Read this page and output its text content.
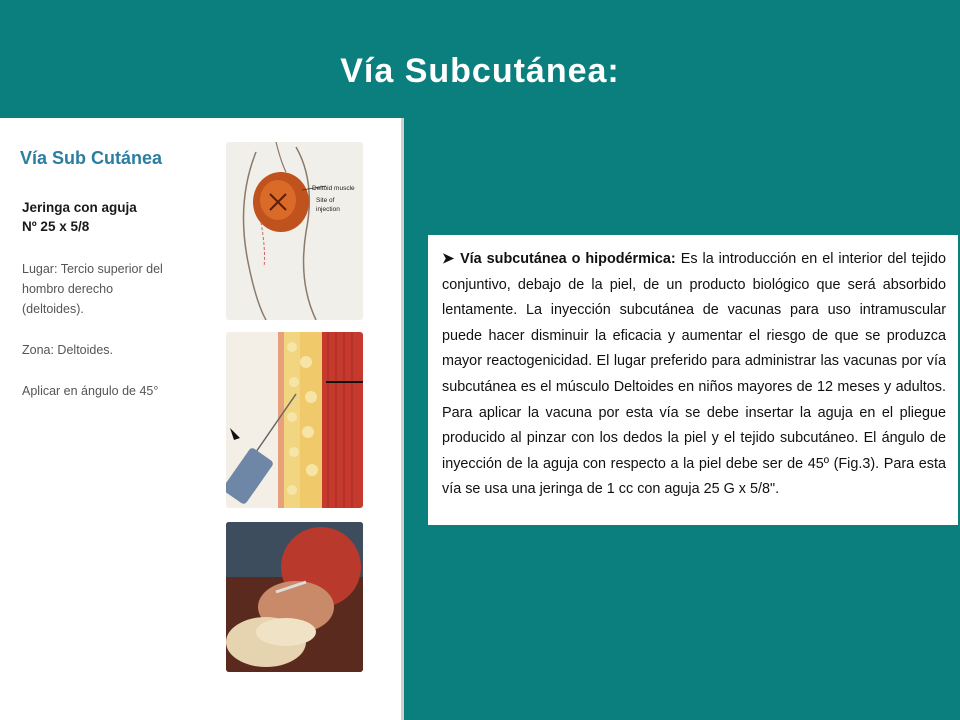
Vía Subcutánea:
Vía Sub Cutánea
Jeringa con aguja
Nº 25 x 5/8
Lugar: Tercio superior del
hombro derecho
(deltoides).
Zona: Deltoides.
Aplicar en ángulo de 45°
Deltoid muscle
Site of
injection

➤ Vía subcutánea o hipodérmica: Es la introducción en el interior del tejido conjuntivo, debajo de la piel, de un producto biológico que será absorbido lentamente. La inyección subcutánea de vacunas para uso intramuscular puede hacer disminuir la eficacia y aumentar el riesgo de que se produzca mayor reactogenicidad. El lugar preferido para administrar las vacunas por vía subcutánea es el músculo Deltoides en niños mayores de 12 meses y adultos. Para aplicar la vacuna por esta vía se debe insertar la aguja en el pliegue producido al pinzar con los dedos la piel y el tejido subcutáneo. El ángulo de inyección de la aguja con respecto a la piel debe ser de 45º (Fig.3). Para esta vía se usa una jeringa de 1 cc con aguja 25 G x 5/8".
